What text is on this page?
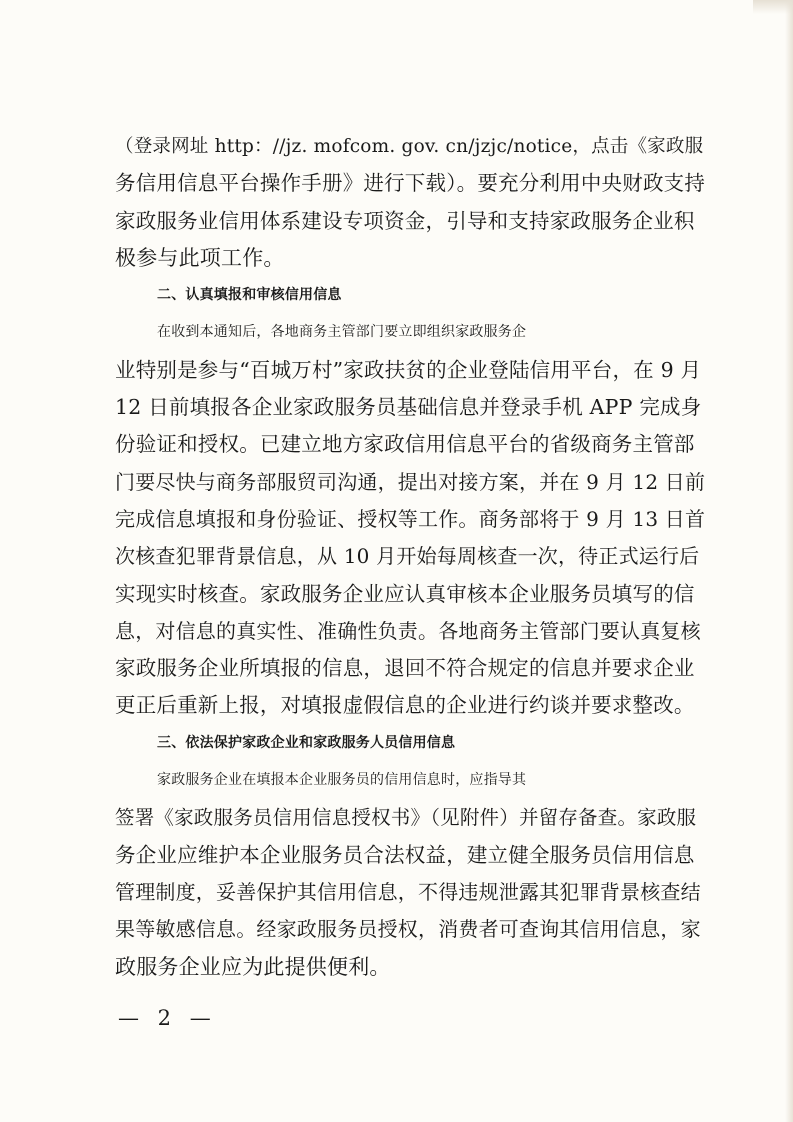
（登录网址 http：//jz. mofcom. gov. cn/jzjc/notice，点击《家政服
务信用信息平台操作手册》进行下载）。要充分利用中央财政支持
家政服务业信用体系建设专项资金，引导和支持家政服务企业积
极参与此项工作。
二、认真填报和审核信用信息
在收到本通知后，各地商务主管部门要立即组织家政服务企
业特别是参与“百城万村”家政扶贫的企业登陆信用平台，在 9 月
12 日前填报各企业家政服务员基础信息并登录手机 APP 完成身
份验证和授权。已建立地方家政信用信息平台的省级商务主管部
门要尽快与商务部服贸司沟通，提出对接方案，并在 9 月 12 日前
完成信息填报和身份验证、授权等工作。商务部将于 9 月 13 日首
次核查犯罪背景信息，从 10 月开始每周核查一次，待正式运行后
实现实时核查。家政服务企业应认真审核本企业服务员填写的信
息，对信息的真实性、准确性负责。各地商务主管部门要认真复核
家政服务企业所填报的信息，退回不符合规定的信息并要求企业
更正后重新上报，对填报虚假信息的企业进行约谈并要求整改。
三、依法保护家政企业和家政服务人员信用信息
家政服务企业在填报本企业服务员的信用信息时，应指导其
签署《家政服务员信用信息授权书》（见附件）并留存备查。家政服
务企业应维护本企业服务员合法权益，建立健全服务员信用信息
管理制度，妥善保护其信用信息，不得违规泄露其犯罪背景核查结
果等敏感信息。经家政服务员授权，消费者可查询其信用信息，家
政服务企业应为此提供便利。
— 2 —
